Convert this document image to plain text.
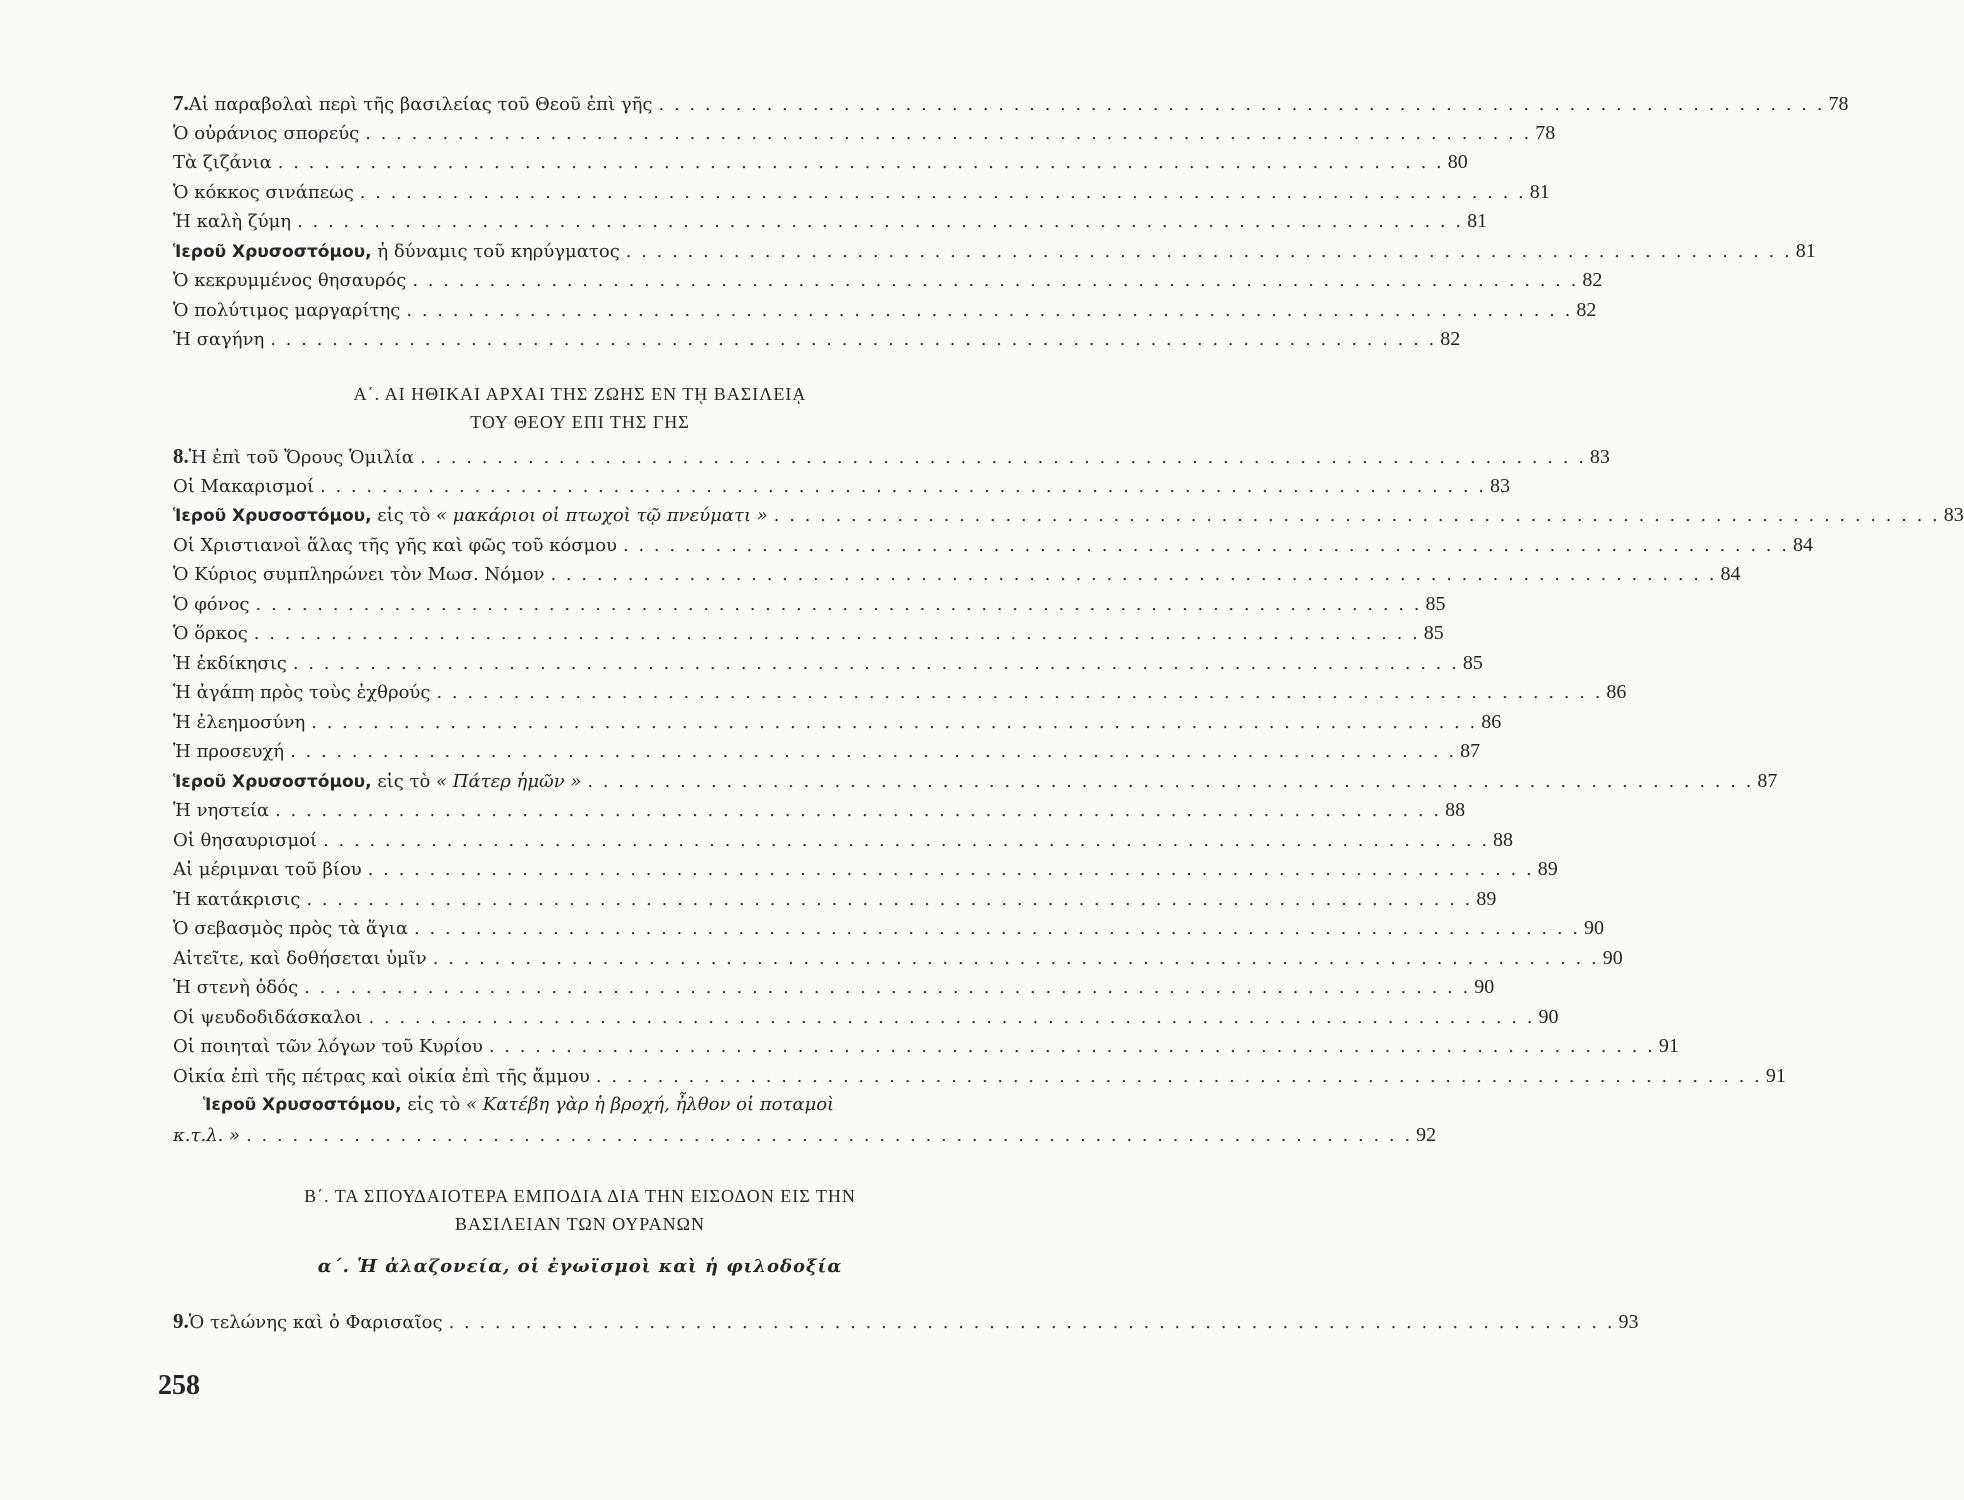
7. Αἱ παραβολαὶ περὶ τῆς βασιλείας τοῦ Θεοῦ ἐπὶ γῆς . . .	78
Ὁ οὐράνιος σπορεύς . . .	78
Τὰ ζιζάνια . . .	80
Ὁ κόκκος σινάπεως . . .	81
Ἡ καλὴ ζύμη . . .	81
Ἱεροῦ Χρυσοστόμου, ἡ δύναμις τοῦ κηρύγματος . . .	81
Ὁ κεκρυμμένος θησαυρός . . .	82
Ὁ πολύτιμος μαργαρίτης . . .	82
Ἡ σαγήνη . . .	82
Α΄. ΑΙ ΗΘΙΚΑΙ ΑΡΧΑΙ ΤΗΣ ΖΩΗΣ ΕΝ Τῌ ΒΑΣΙΛΕΙᾼ
ΤΟΥ ΘΕΟΥ ΕΠΙ ΤΗΣ ΓΗΣ
8. Ἡ ἐπὶ τοῦ Ὄρους Ὁμιλία . . .	83
Οἱ Μακαρισμοί . . .	83
Ἱεροῦ Χρυσοστόμου, εἰς τὸ « μακάριοι οἱ πτωχοὶ τῷ πνεύματι » . . .	83
Οἱ Χριστιανοὶ ἅλας τῆς γῆς καὶ φῶς τοῦ κόσμου . . .	84
Ὁ Κύριος συμπληρώνει τὸν Μωσ. Νόμον . . .	84
Ὁ φόνος . . .	85
Ὁ ὅρκος . . .	85
Ἡ ἐκδίκησις . . .	85
Ἡ ἀγάπη πρὸς τοὺς ἐχθρούς . . .	86
Ἡ ἐλεημοσύνη . . .	86
Ἡ προσευχή . . .	87
Ἱεροῦ Χρυσοστόμου, εἰς τὸ « Πάτερ ἡμῶν » . . .	87
Ἡ νηστεία . . .	88
Οἱ θησαυρισμοί . . .	88
Αἱ μέριμναι τοῦ βίου . . .	89
Ἡ κατάκρισις . . .	89
Ὁ σεβασμὸς πρὸς τὰ ἅγια . . .	90
Αἰτεῖτε, καὶ δοθήσεται ὑμῖν . . .	90
Ἡ στενὴ ὁδός . . .	90
Οἱ ψευδοδιδάσκαλοι . . .	90
Οἱ ποιηταὶ τῶν λόγων τοῦ Κυρίου . . .	91
Οἰκία ἐπὶ τῆς πέτρας καὶ οἰκία ἐπὶ τῆς ἄμμου . . .	91
Ἱεροῦ Χρυσοστόμου, εἰς τὸ « Κατέβη γὰρ ἡ βροχή, ἦλθον οἱ ποταμοὶ
κ.τ.λ. » . . .	92
Β΄. ΤΑ ΣΠΟΥΔΑΙΟΤΕΡΑ ΕΜΠΟΔΙΑ ΔΙΑ ΤΗΝ ΕΙΣΟΔΟΝ ΕΙΣ ΤΗΝ
ΒΑΣΙΛΕΙΑΝ ΤΩΝ ΟΥΡΑΝΩΝ
α΄. Ἡ ἀλαζονεία, οἱ ἐγωϊσμοὶ καὶ ἡ φιλοδοξία
9. Ὁ τελώνης καὶ ὁ Φαρισαῖος . . .	93
258
